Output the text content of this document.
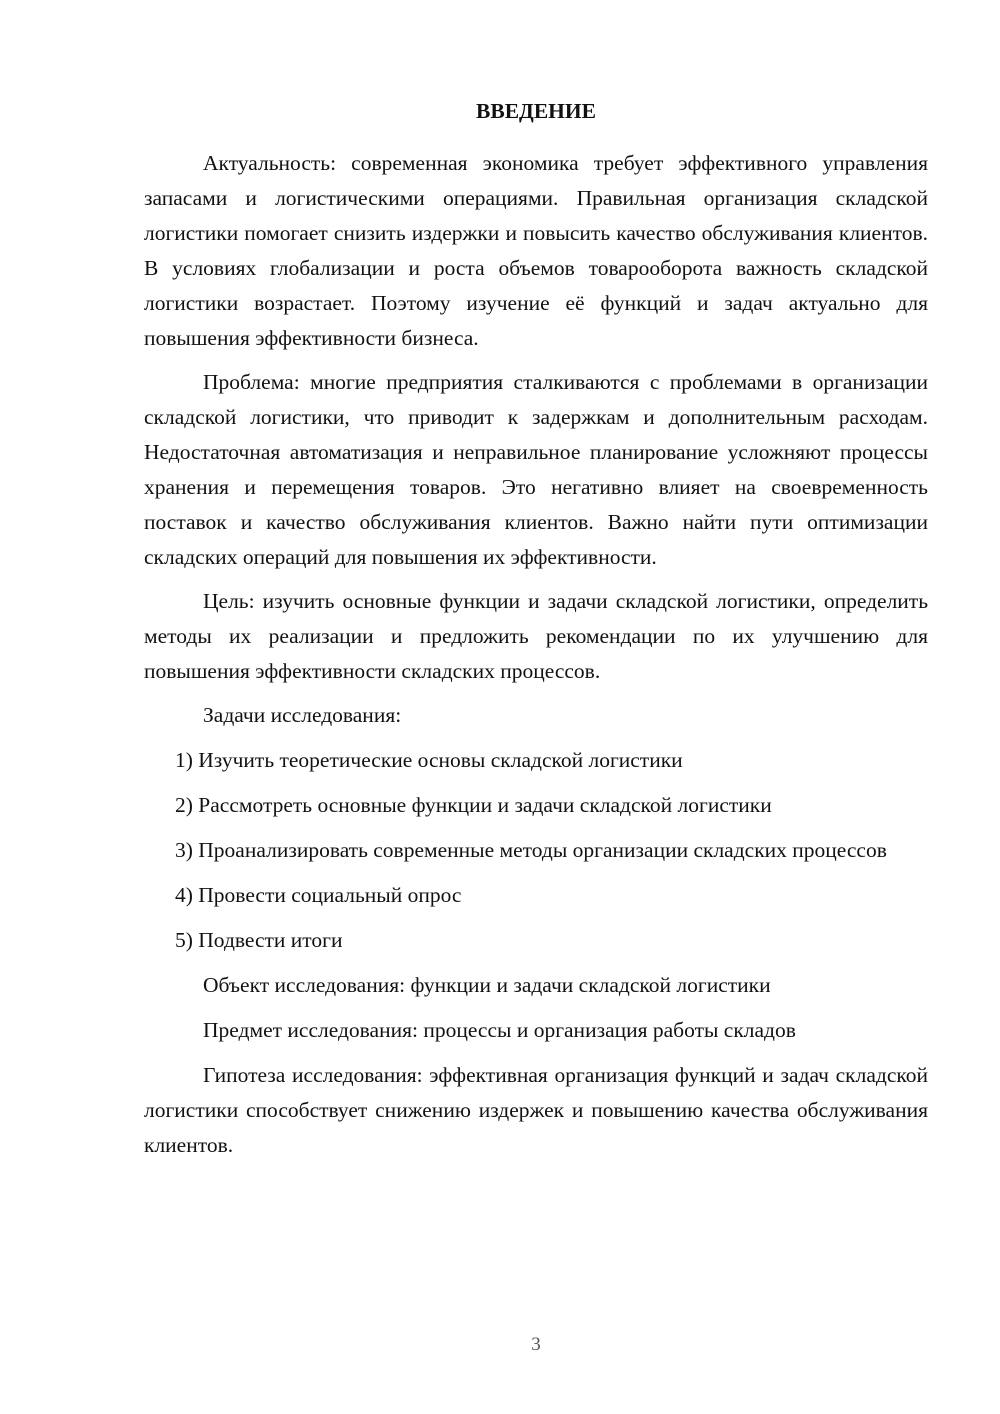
ВВЕДЕНИЕ

Актуальность: современная экономика требует эффективного управления запасами и логистическими операциями. Правильная организация складской логистики помогает снизить издержки и повысить качество обслуживания клиентов. В условиях глобализации и роста объемов товарооборота важность складской логистики возрастает. Поэтому изучение её функций и задач актуально для повышения эффективности бизнеса.

Проблема: многие предприятия сталкиваются с проблемами в организации складской логистики, что приводит к задержкам и дополнительным расходам. Недостаточная автоматизация и неправильное планирование усложняют процессы хранения и перемещения товаров. Это негативно влияет на своевременность поставок и качество обслуживания клиентов. Важно найти пути оптимизации складских операций для повышения их эффективности.

Цель: изучить основные функции и задачи складской логистики, определить методы их реализации и предложить рекомендации по их улучшению для повышения эффективности складских процессов.

Задачи исследования:

1) Изучить теоретические основы складской логистики

2) Рассмотреть основные функции и задачи складской логистики

3) Проанализировать современные методы организации складских процессов

4) Провести социальный опрос

5) Подвести итоги

Объект исследования: функции и задачи складской логистики

Предмет исследования: процессы и организация работы складов

Гипотеза исследования: эффективная организация функций и задач складской логистики способствует снижению издержек и повышению качества обслуживания клиентов.

3
